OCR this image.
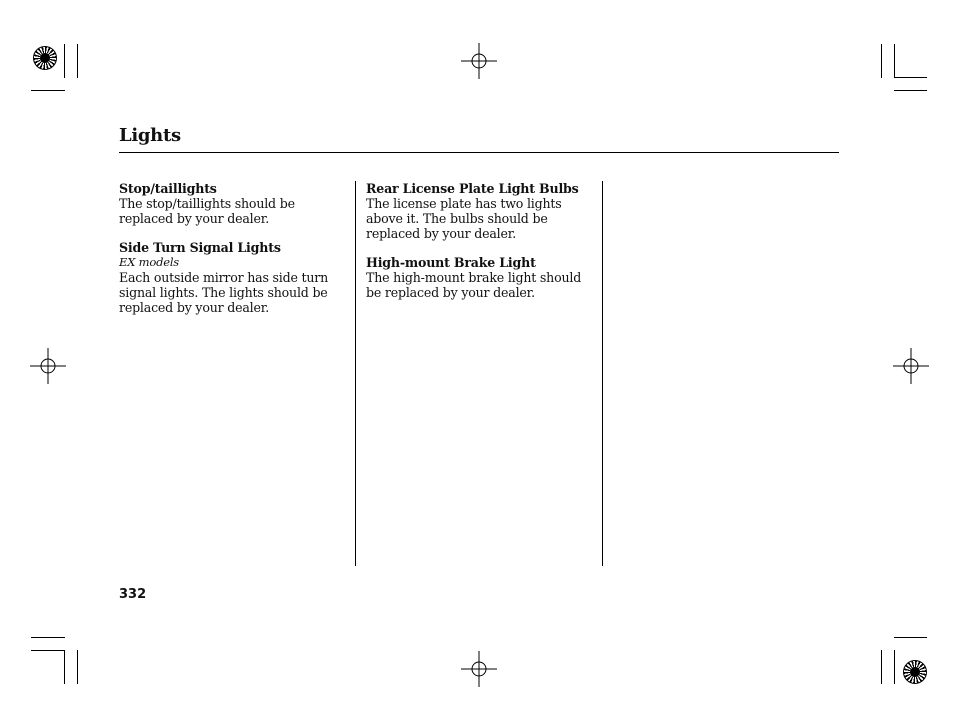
Lights

Stop/taillights

The stop/taillights should be

replaced by your dealer.

Side Turn Signal Lights

EX models

Each outside mirror has side turn

signal lights. The lights should be

replaced by your dealer.

Rear License Plate Light Bulbs

The license plate has two lights

above it. The bulbs should be

replaced by your dealer.

High-mount Brake Light

The high-mount brake light should

be replaced by your dealer.

332
